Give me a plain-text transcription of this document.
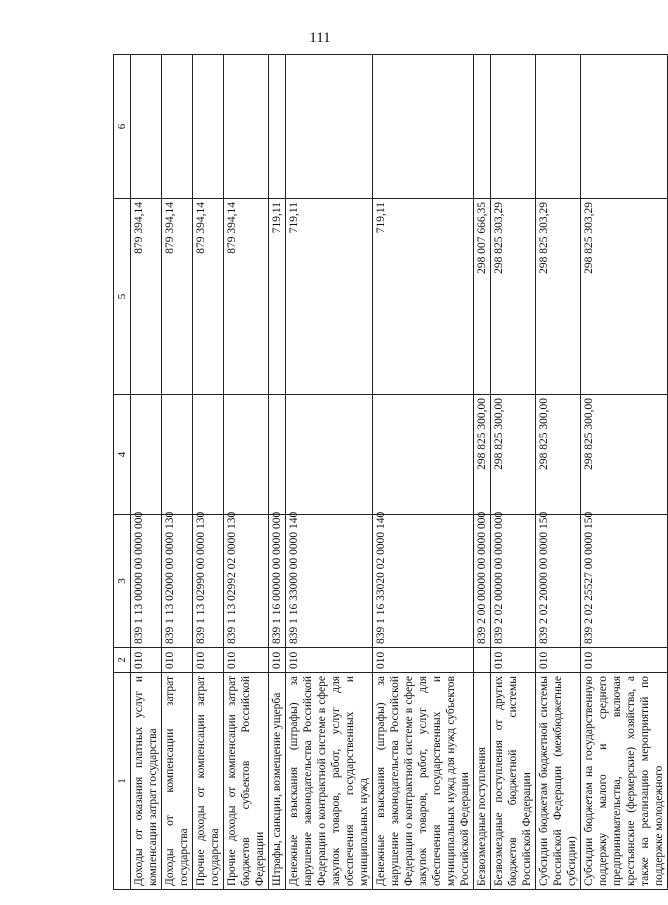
111
1	2	3	4	5	6
Доходы от оказания платных услуг и компенсации затрат государства	010	839 1 13 00000 00 0000 000		879 394,14	
Доходы от компенсации затрат государства	010	839 1 13 02000 00 0000 130		879 394,14	
Прочие доходы от компенсации затрат государства	010	839 1 13 02990 00 0000 130		879 394,14	
Прочие доходы от компенсации затрат бюджетов субъектов Российской Федерации	010	839 1 13 02992 02 0000 130		879 394,14	
Штрафы, санкции, возмещение ущерба	010	839 1 16 00000 00 0000 000		719,11	
Денежные взыскания (штрафы) за нарушение законодательства Российской Федерации о контрактной системе в сфере закупок товаров, работ, услуг для обеспечения государственных и муниципальных нужд	010	839 1 16 33000 00 0000 140		719,11	
Денежные взыскания (штрафы) за нарушение законодательства Российской Федерации о контрактной системе в сфере закупок товаров, работ, услуг для обеспечения государственных и муниципальных нужд для нужд субъектов Российской Федерации	010	839 1 16 33020 02 0000 140		719,11	
Безвозмездные поступления		839 2 00 00000 00 0000 000	298 825 300,00	298 007 666,35	
Безвозмездные поступления от других бюджетов бюджетной системы Российской Федерации	010	839 2 02 00000 00 0000 000	298 825 300,00	298 825 303,29	
Субсидии бюджетам бюджетной системы Российской Федерации (межбюджетные субсидии)	010	839 2 02 20000 00 0000 150	298 825 300,00	298 825 303,29	
Субсидии бюджетам на государственную поддержку малого и среднего предпринимательства, включая крестьянские (фермерские) хозяйства, а также на реализацию мероприятий по поддержке молодежного	010	839 2 02 25527 00 0000 150	298 825 300,00	298 825 303,29	
